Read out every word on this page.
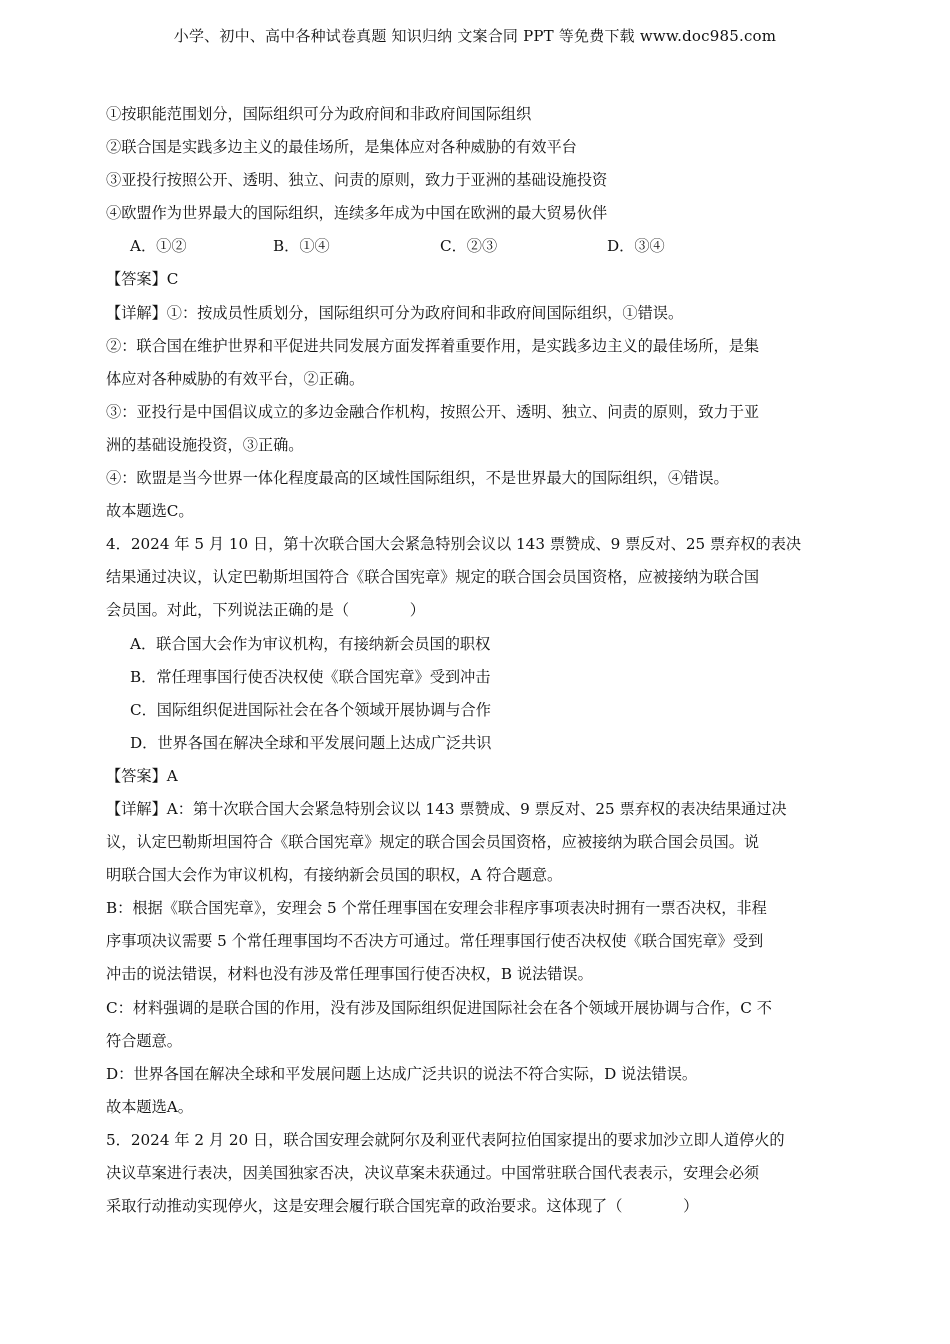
小学、初中、高中各种试卷真题 知识归纳 文案合同 PPT 等免费下载 www.doc985.com
①按职能范围划分，国际组织可分为政府间和非政府间国际组织
②联合国是实践多边主义的最佳场所，是集体应对各种威胁的有效平台
③亚投行按照公开、透明、独立、问责的原则，致力于亚洲的基础设施投资
④欧盟作为世界最大的国际组织，连续多年成为中国在欧洲的最大贸易伙伴
A．①②	B．①④	C．②③	D．③④
【答案】C
【详解】①：按成员性质划分，国际组织可分为政府间和非政府间国际组织，①错误。
②：联合国在维护世界和平促进共同发展方面发挥着重要作用，是实践多边主义的最佳场所，是集
体应对各种威胁的有效平台，②正确。
③：亚投行是中国倡议成立的多边金融合作机构，按照公开、透明、独立、问责的原则，致力于亚
洲的基础设施投资，③正确。
④：欧盟是当今世界一体化程度最高的区域性国际组织，不是世界最大的国际组织，④错误。
故本题选C。
4．2024 年 5 月 10 日，第十次联合国大会紧急特别会议以 143 票赞成、9 票反对、25 票弃权的表决
结果通过决议，认定巴勒斯坦国符合《联合国宪章》规定的联合国会员国资格，应被接纳为联合国
会员国。对此，下列说法正确的是（　　　　）
A．联合国大会作为审议机构，有接纳新会员国的职权
B．常任理事国行使否决权使《联合国宪章》受到冲击
C．国际组织促进国际社会在各个领域开展协调与合作
D．世界各国在解决全球和平发展问题上达成广泛共识
【答案】A
【详解】A：第十次联合国大会紧急特别会议以 143 票赞成、9 票反对、25 票弃权的表决结果通过决
议，认定巴勒斯坦国符合《联合国宪章》规定的联合国会员国资格，应被接纳为联合国会员国。说
明联合国大会作为审议机构，有接纳新会员国的职权，A 符合题意。
B：根据《联合国宪章》，安理会 5 个常任理事国在安理会非程序事项表决时拥有一票否决权，非程
序事项决议需要 5 个常任理事国均不否决方可通过。常任理事国行使否决权使《联合国宪章》受到
冲击的说法错误，材料也没有涉及常任理事国行使否决权，B 说法错误。
C：材料强调的是联合国的作用，没有涉及国际组织促进国际社会在各个领域开展协调与合作，C 不
符合题意。
D：世界各国在解决全球和平发展问题上达成广泛共识的说法不符合实际，D 说法错误。
故本题选A。
5．2024 年 2 月 20 日，联合国安理会就阿尔及利亚代表阿拉伯国家提出的要求加沙立即人道停火的
决议草案进行表决，因美国独家否决，决议草案未获通过。中国常驻联合国代表表示，安理会必须
采取行动推动实现停火，这是安理会履行联合国宪章的政治要求。这体现了（　　　　）
